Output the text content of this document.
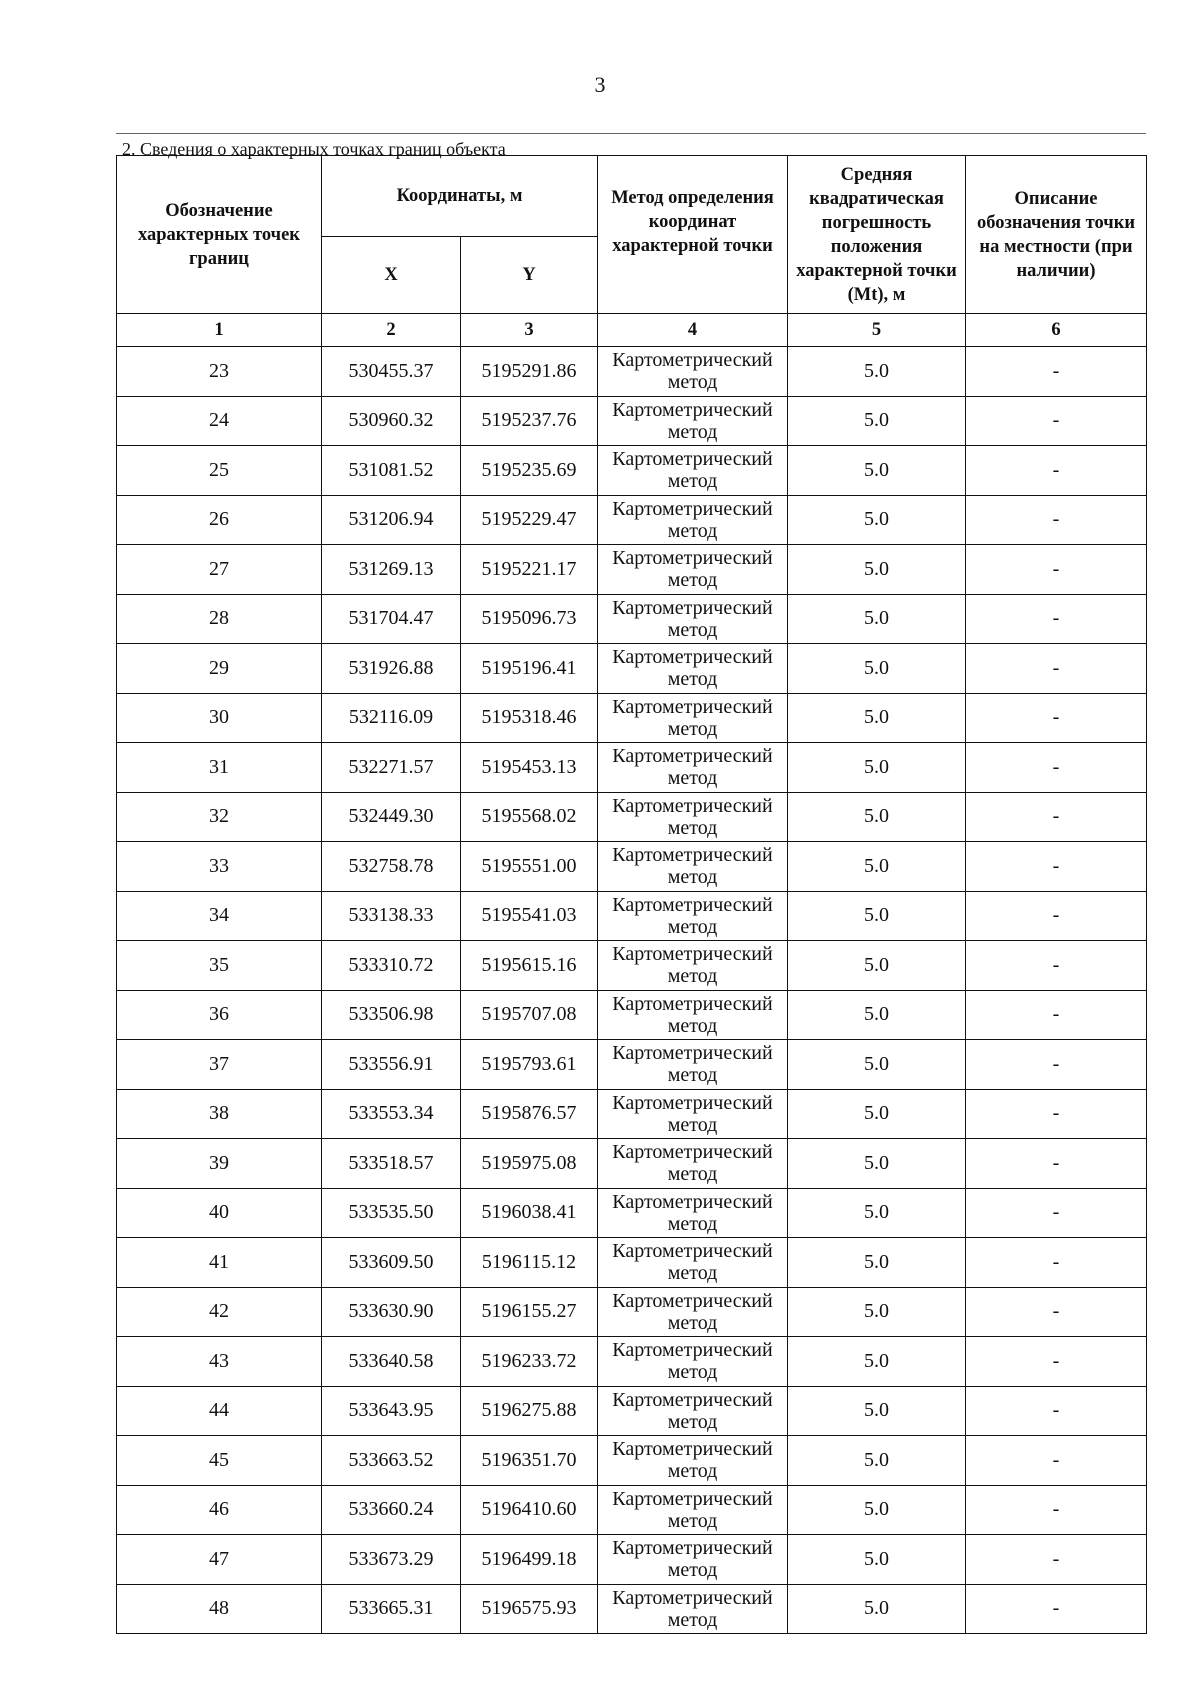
3
2. Сведения о характерных точках границ объекта
Обозначение характерных точек границ	Координаты, м		Метод определения координат характерной точки	Средняя квадратическая погрешность положения характерной точки (Mt), м	Описание обозначения точки на местности (при наличии)
	X	Y			
1	2	3	4	5	6
23	530455.37	5195291.86	Картометрический метод	5.0	-
24	530960.32	5195237.76	Картометрический метод	5.0	-
25	531081.52	5195235.69	Картометрический метод	5.0	-
26	531206.94	5195229.47	Картометрический метод	5.0	-
27	531269.13	5195221.17	Картометрический метод	5.0	-
28	531704.47	5195096.73	Картометрический метод	5.0	-
29	531926.88	5195196.41	Картометрический метод	5.0	-
30	532116.09	5195318.46	Картометрический метод	5.0	-
31	532271.57	5195453.13	Картометрический метод	5.0	-
32	532449.30	5195568.02	Картометрический метод	5.0	-
33	532758.78	5195551.00	Картометрический метод	5.0	-
34	533138.33	5195541.03	Картометрический метод	5.0	-
35	533310.72	5195615.16	Картометрический метод	5.0	-
36	533506.98	5195707.08	Картометрический метод	5.0	-
37	533556.91	5195793.61	Картометрический метод	5.0	-
38	533553.34	5195876.57	Картометрический метод	5.0	-
39	533518.57	5195975.08	Картометрический метод	5.0	-
40	533535.50	5196038.41	Картометрический метод	5.0	-
41	533609.50	5196115.12	Картометрический метод	5.0	-
42	533630.90	5196155.27	Картометрический метод	5.0	-
43	533640.58	5196233.72	Картометрический метод	5.0	-
44	533643.95	5196275.88	Картометрический метод	5.0	-
45	533663.52	5196351.70	Картометрический метод	5.0	-
46	533660.24	5196410.60	Картометрический метод	5.0	-
47	533673.29	5196499.18	Картометрический метод	5.0	-
48	533665.31	5196575.93	Картометрический метод	5.0	-
